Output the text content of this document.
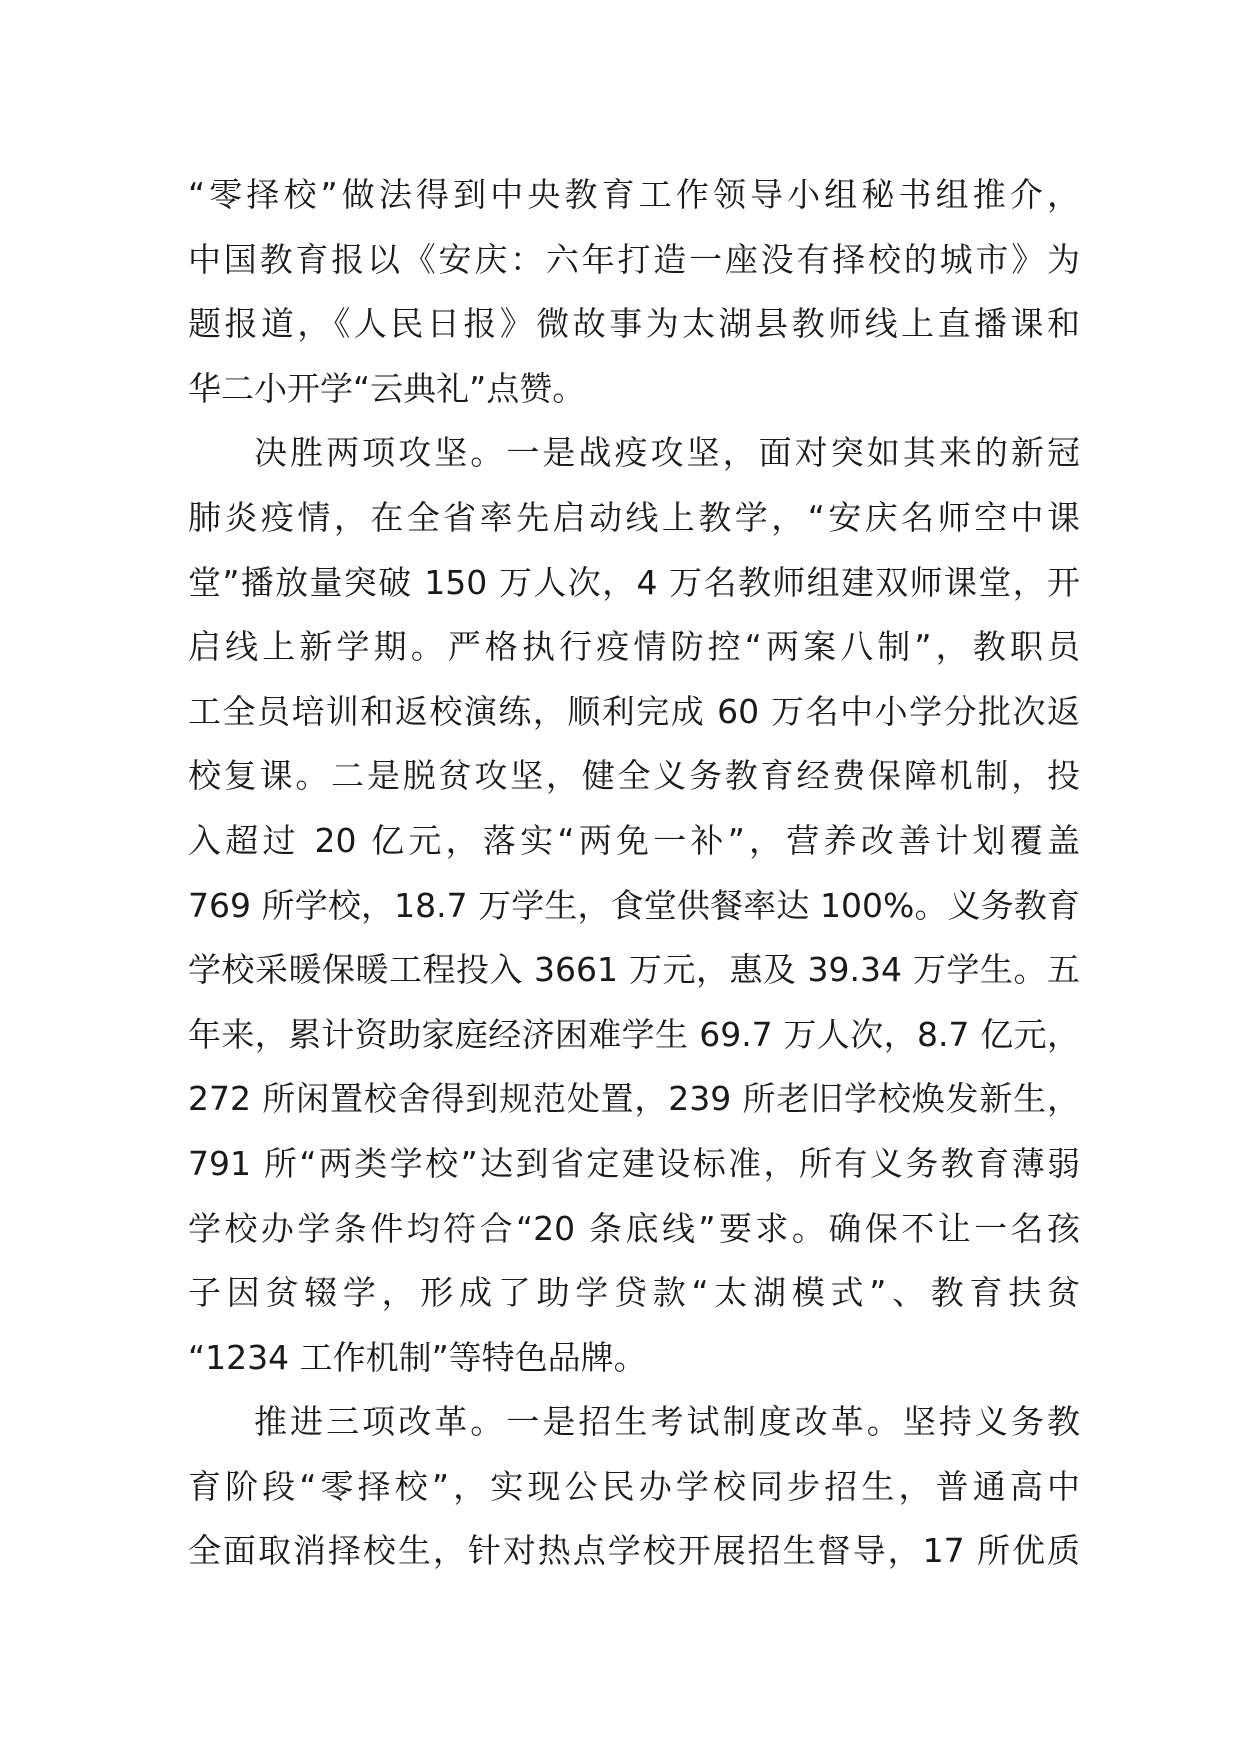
“零择校”做法得到中央教育工作领导小组秘书组推介，
中国教育报以《安庆：六年打造一座没有择校的城市》为
题报道，《人民日报》微故事为太湖县教师线上直播课和
华二小开学“云典礼”点赞。
决胜两项攻坚。一是战疫攻坚，面对突如其来的新冠
肺炎疫情，在全省率先启动线上教学，“安庆名师空中课
堂”播放量突破 150 万人次，4 万名教师组建双师课堂，开
启线上新学期。严格执行疫情防控“两案八制”，教职员
工全员培训和返校演练，顺利完成 60 万名中小学分批次返
校复课。二是脱贫攻坚，健全义务教育经费保障机制，投
入超过 20 亿元，落实“两免一补”，营养改善计划覆盖
769 所学校，18.7 万学生，食堂供餐率达 100%。义务教育
学校采暖保暖工程投入 3661 万元，惠及 39.34 万学生。五
年来，累计资助家庭经济困难学生 69.7 万人次，8.7 亿元，
272 所闲置校舍得到规范处置，239 所老旧学校焕发新生，
791 所“两类学校”达到省定建设标准，所有义务教育薄弱
学校办学条件均符合“20 条底线”要求。确保不让一名孩
子因贫辍学，形成了助学贷款“太湖模式”、教育扶贫
“1234 工作机制”等特色品牌。
推进三项改革。一是招生考试制度改革。坚持义务教
育阶段“零择校”，实现公民办学校同步招生，普通高中
全面取消择校生，针对热点学校开展招生督导，17 所优质
